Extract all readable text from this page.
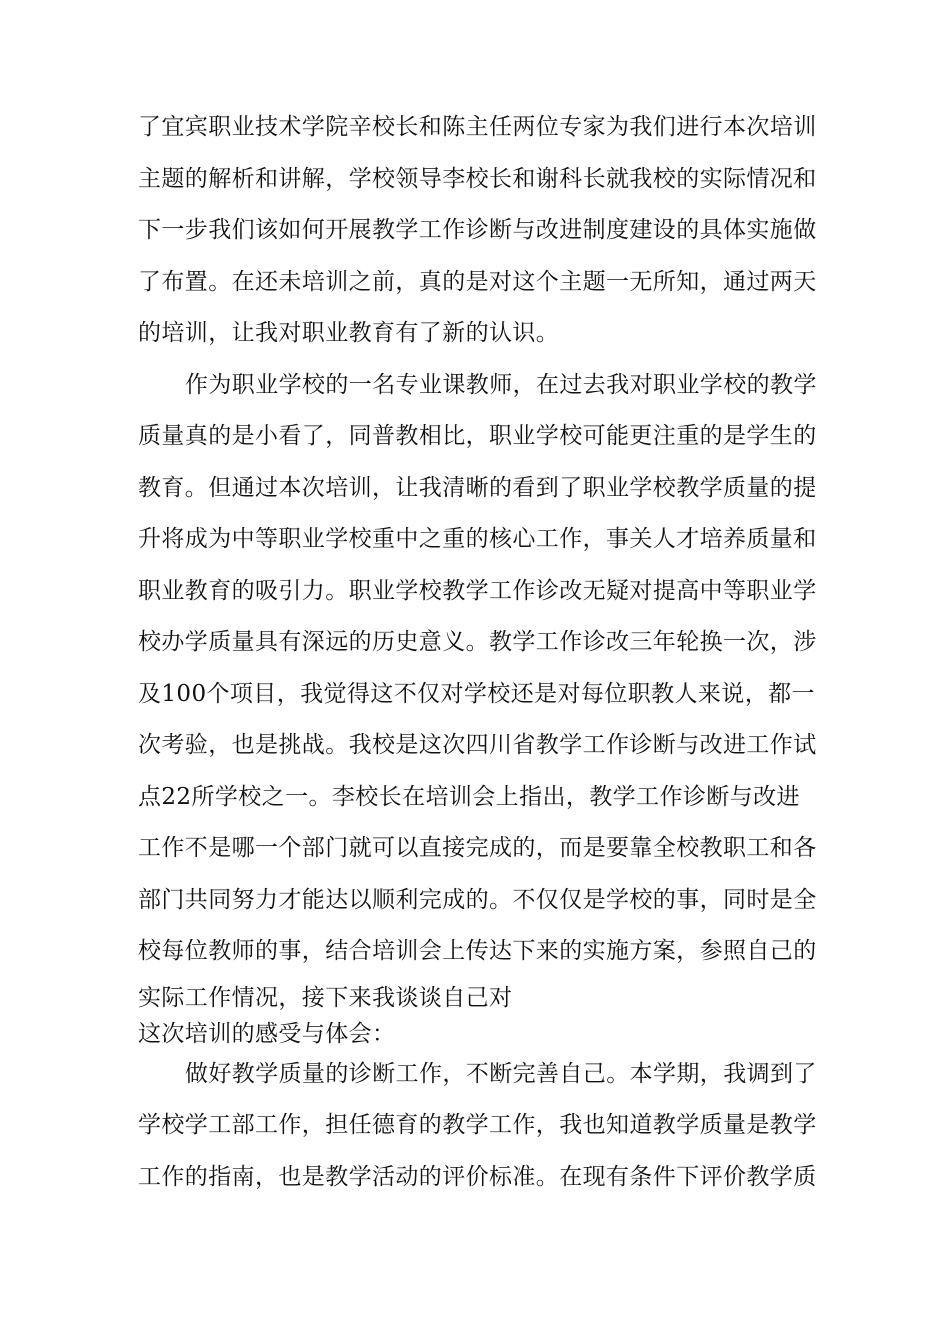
了宜宾职业技术学院辛校长和陈主任两位专家为我们进行本次培训
主题的解析和讲解，学校领导李校长和谢科长就我校的实际情况和
下一步我们该如何开展教学工作诊断与改进制度建设的具体实施做
了布置。在还未培训之前，真的是对这个主题一无所知，通过两天
的培训，让我对职业教育有了新的认识。
作为职业学校的一名专业课教师，在过去我对职业学校的教学
质量真的是小看了，同普教相比，职业学校可能更注重的是学生的
教育。但通过本次培训，让我清晰的看到了职业学校教学质量的提
升将成为中等职业学校重中之重的核心工作，事关人才培养质量和
职业教育的吸引力。职业学校教学工作诊改无疑对提高中等职业学
校办学质量具有深远的历史意义。教学工作诊改三年轮换一次，涉
及100个项目，我觉得这不仅对学校还是对每位职教人来说，都一
次考验，也是挑战。我校是这次四川省教学工作诊断与改进工作试
点22所学校之一。李校长在培训会上指出，教学工作诊断与改进
工作不是哪一个部门就可以直接完成的，而是要靠全校教职工和各
部门共同努力才能达以顺利完成的。不仅仅是学校的事，同时是全
校每位教师的事，结合培训会上传达下来的实施方案，参照自己的
实际工作情况，接下来我谈谈自己对
这次培训的感受与体会：
做好教学质量的诊断工作，不断完善自己。本学期，我调到了
学校学工部工作，担任德育的教学工作，我也知道教学质量是教学
工作的指南，也是教学活动的评价标准。在现有条件下评价教学质
